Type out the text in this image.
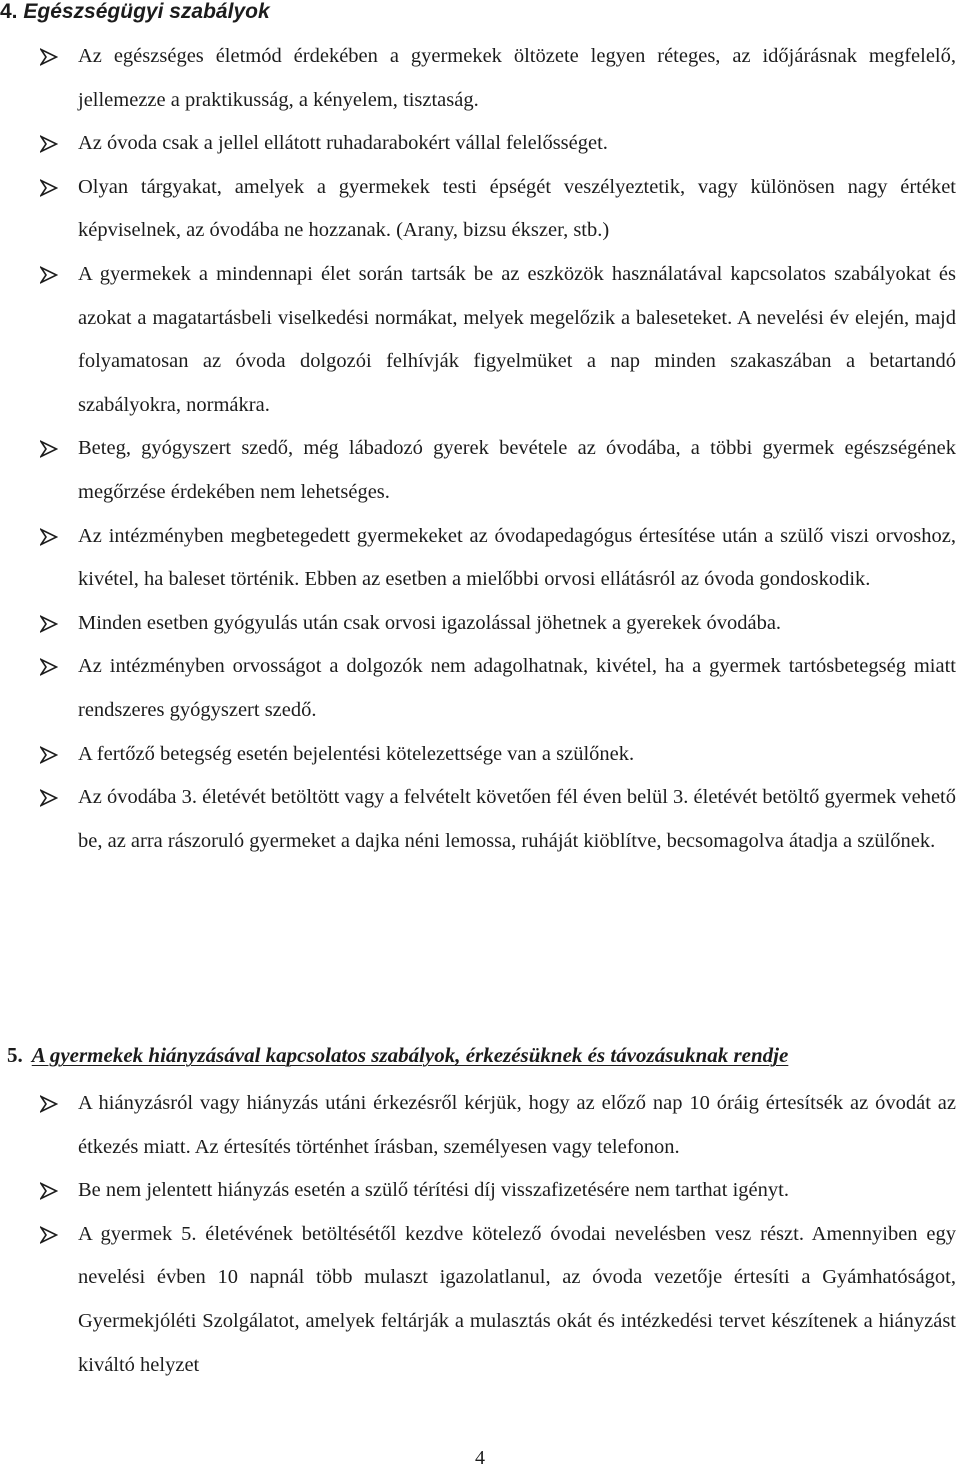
4. Egészségügyi szabályok
Az egészséges életmód érdekében a gyermekek öltözete legyen réteges, az időjárásnak megfelelő, jellemezze a praktikusság, a kényelem, tisztaság.
Az óvoda csak a jellel ellátott ruhadarabokért vállal felelősséget.
Olyan tárgyakat, amelyek a gyermekek testi épségét veszélyeztetik, vagy különösen nagy értéket képviselnek, az óvodába ne hozzanak. (Arany, bizsu ékszer, stb.)
A gyermekek a mindennapi élet során tartsák be az eszközök használatával kapcsolatos szabályokat és azokat a magatartásbeli viselkedési normákat, melyek megelőzik a baleseteket. A nevelési év elején, majd folyamatosan az óvoda dolgozói felhívják figyelmüket a nap minden szakaszában a betartandó szabályokra, normákra.
Beteg, gyógyszert szedő, még lábadozó gyerek bevétele az óvodába, a többi gyermek egészségének megőrzése érdekében nem lehetséges.
Az intézményben megbetegedett gyermekeket az óvodapedagógus értesítése után a szülő viszi orvoshoz, kivétel, ha baleset történik. Ebben az esetben a mielőbbi orvosi ellátásról az óvoda gondoskodik.
Minden esetben gyógyulás után csak orvosi igazolással jöhetnek a gyerekek óvodába.
Az intézményben orvosságot a dolgozók nem adagolhatnak, kivétel, ha a gyermek tartósbetegség miatt rendszeres gyógyszert szedő.
A fertőző betegség esetén bejelentési kötelezettsége van a szülőnek.
Az óvodába 3. életévét betöltött vagy a felvételt követően fél éven belül 3. életévét betöltő gyermek vehető be, az arra rászoruló gyermeket a dajka néni lemossa, ruháját kiöblítve, becsomagolva átadja a szülőnek.
5. A gyermekek hiányzásával kapcsolatos szabályok, érkezésüknek és távozásuknak rendje
A hiányzásról vagy hiányzás utáni érkezésről kérjük, hogy az előző nap 10 óráig értesítsék az óvodát az étkezés miatt. Az értesítés történhet írásban, személyesen vagy telefonon.
Be nem jelentett hiányzás esetén a szülő térítési díj visszafizetésére nem tarthat igényt.
A gyermek 5. életévének betöltésétől kezdve kötelező óvodai nevelésben vesz részt. Amennyiben egy nevelési évben 10 napnál több mulaszt igazolatlanul, az óvoda vezetője értesíti a Gyámhatóságot, Gyermekjóléti Szolgálatot, amelyek feltárják a mulasztás okát és intézkedési tervet készítenek a hiányzást kiváltó helyzet
4
